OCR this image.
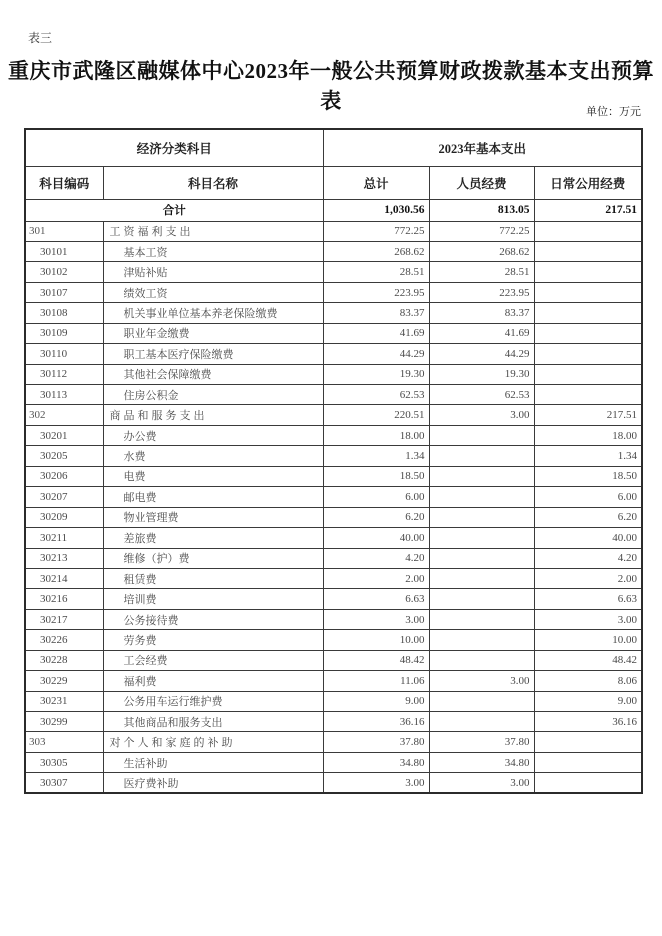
表三
重庆市武隆区融媒体中心2023年一般公共预算财政拨款基本支出预算表	单位：万元
经济分类科目		2023年基本支出		
科目编码	科目名称	总计	人员经费	日常公用经费
合计		1,030.56	813.05	217.51
301	工资福利支出	772.25	772.25	
30101	基本工资	268.62	268.62	
30102	津贴补贴	28.51	28.51	
30107	绩效工资	223.95	223.95	
30108	机关事业单位基本养老保险缴费	83.37	83.37	
30109	职业年金缴费	41.69	41.69	
30110	职工基本医疗保险缴费	44.29	44.29	
30112	其他社会保障缴费	19.30	19.30	
30113	住房公积金	62.53	62.53	
302	商品和服务支出	220.51	3.00	217.51
30201	办公费	18.00		18.00
30205	水费	1.34		1.34
30206	电费	18.50		18.50
30207	邮电费	6.00		6.00
30209	物业管理费	6.20		6.20
30211	差旅费	40.00		40.00
30213	维修（护）费	4.20		4.20
30214	租赁费	2.00		2.00
30216	培训费	6.63		6.63
30217	公务接待费	3.00		3.00
30226	劳务费	10.00		10.00
30228	工会经费	48.42		48.42
30229	福利费	11.06	3.00	8.06
30231	公务用车运行维护费	9.00		9.00
30299	其他商品和服务支出	36.16		36.16
303	对个人和家庭的补助	37.80	37.80	
30305	生活补助	34.80	34.80	
30307	医疗费补助	3.00	3.00	
